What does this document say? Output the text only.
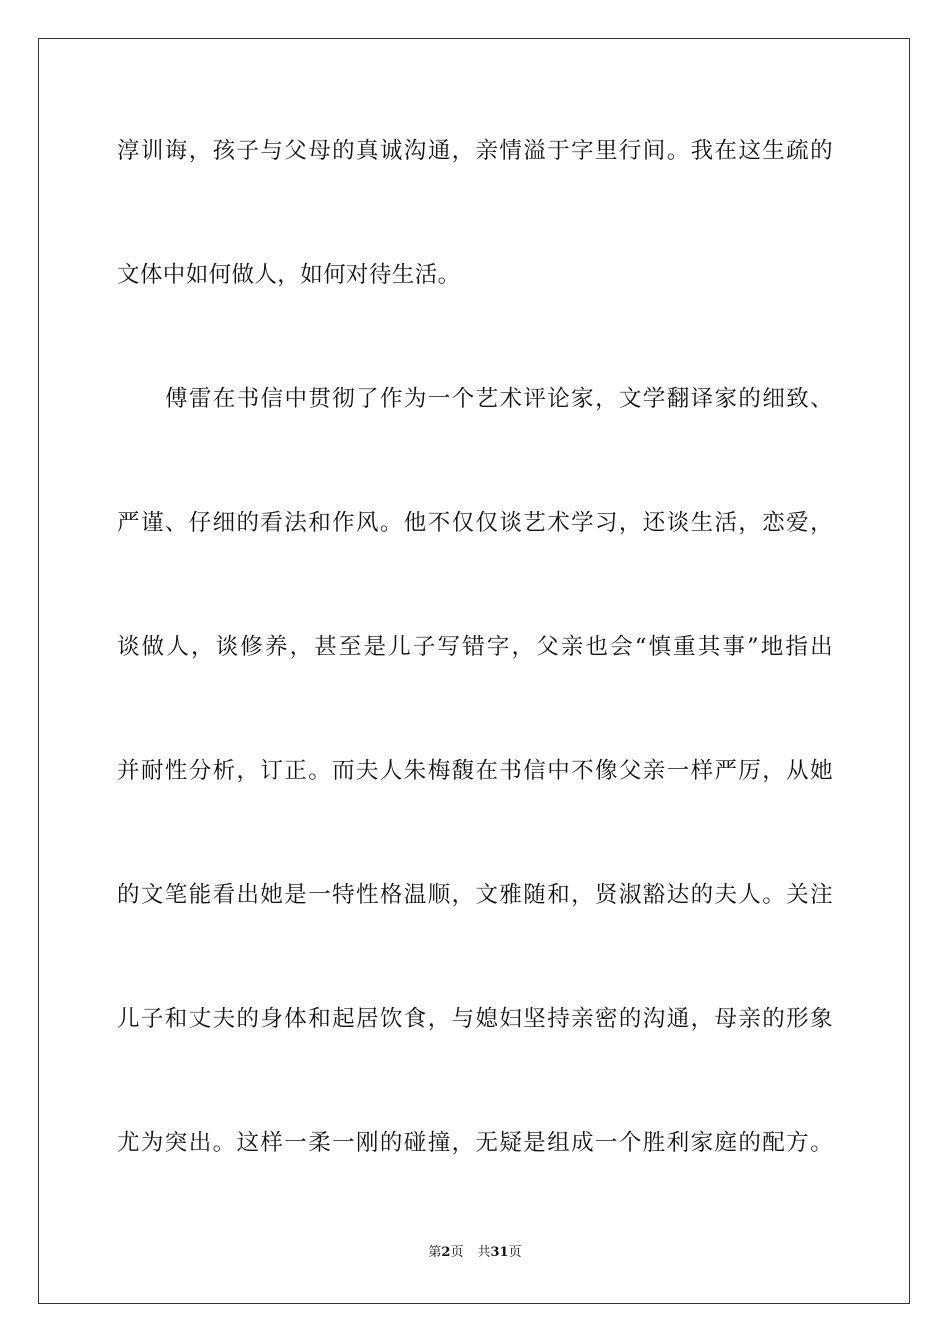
淳训诲，孩子与父母的真诚沟通，亲情溢于字里行间。我在这生疏的
文体中如何做人，如何对待生活。
傅雷在书信中贯彻了作为一个艺术评论家，文学翻译家的细致、
严谨、仔细的看法和作风。他不仅仅谈艺术学习，还谈生活，恋爱，
谈做人，谈修养，甚至是儿子写错字，父亲也会“慎重其事”地指出
并耐性分析，订正。而夫人朱梅馥在书信中不像父亲一样严厉，从她
的文笔能看出她是一特性格温顺，文雅随和，贤淑豁达的夫人。关注
儿子和丈夫的身体和起居饮食，与媳妇坚持亲密的沟通，母亲的形象
尤为突出。这样一柔一刚的碰撞，无疑是组成一个胜利家庭的配方。
第2页 共31页
